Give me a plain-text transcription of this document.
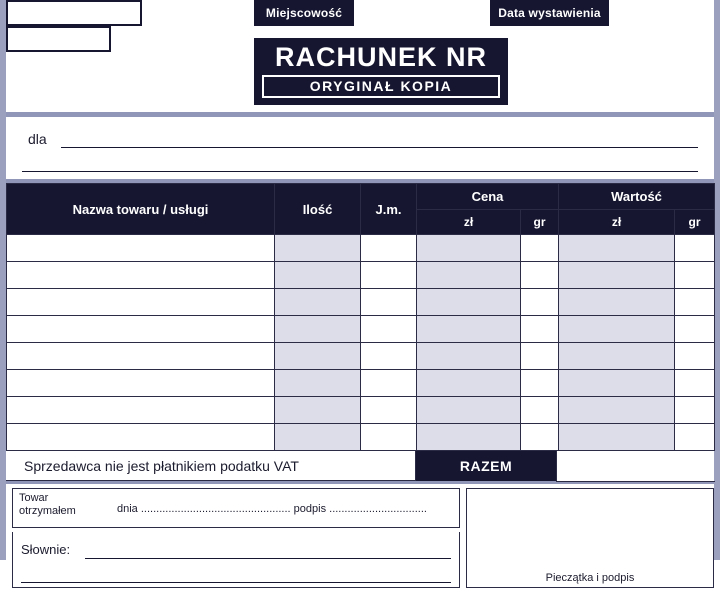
Miejscowość	Data wystawienia
RACHUNEK NR
ORYGINAŁ KOPIA
dla
Nazwa towaru / usługi	Ilość	J.m.	Cena		Wartość	
			zł	gr	zł	gr

Sprzedawca nie jest płatnikiem podatku VAT	RAZEM
Towar
otrzymałem	dnia ................................................. podpis ................................
Słownie:
Pieczątka i podpis
